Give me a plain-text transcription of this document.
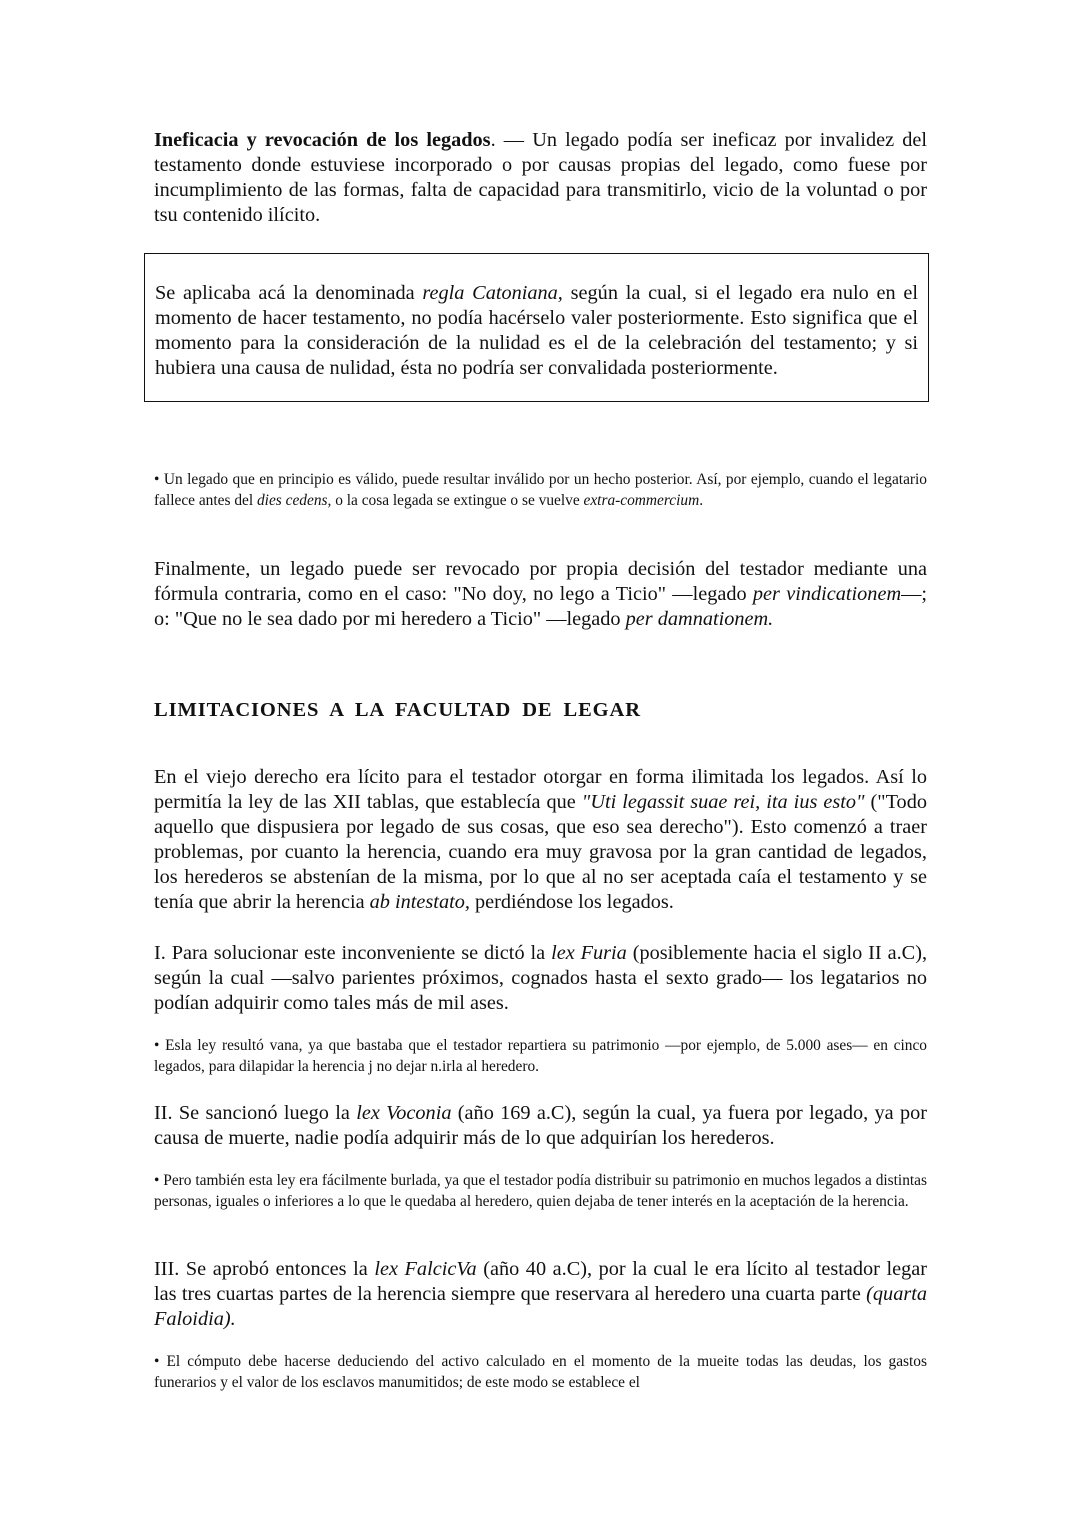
Ineficacia y revocación de los legados. — Un legado podía ser ineficaz por invalidez del testamento donde estuviese incorporado o por causas propias del legado, como fuese por incumplimiento de las formas, falta de capacidad para transmitirlo, vicio de la voluntad o por tsu contenido ilícito.

Se aplicaba acá la denominada regla Catoniana, según la cual, si el legado era nulo en el momento de hacer testamento, no podía hacérselo valer posteriormente. Esto significa que el momento para la consideración de la nulidad es el de la celebración del testamento; y si hubiera una causa de nulidad, ésta no podría ser convalidada posteriormente.

• Un legado que en principio es válido, puede resultar inválido por un hecho posterior. Así, por ejemplo, cuando el legatario fallece antes del dies cedens, o la cosa legada se extingue o se vuelve extra-commercium.

Finalmente, un legado puede ser revocado por propia decisión del testador mediante una fórmula contraria, como en el caso: "No doy, no lego a Ticio" —legado per vindicationem—; o: "Que no le sea dado por mi heredero a Ticio" —legado per damnationem.

LIMITACIONES A LA FACULTAD DE LEGAR

En el viejo derecho era lícito para el testador otorgar en forma ilimitada los legados. Así lo permitía la ley de las XII tablas, que establecía que "Uti legassit suae rei, ita ius esto" ("Todo aquello que dispusiera por legado de sus cosas, que eso sea derecho"). Esto comenzó a traer problemas, por cuanto la herencia, cuando era muy gravosa por la gran cantidad de legados, los herederos se abstenían de la misma, por lo que al no ser aceptada caía el testamento y se tenía que abrir la herencia ab intestato, perdiéndose los legados.

I. Para solucionar este inconveniente se dictó la lex Furia (posiblemente hacia el siglo II a.C), según la cual —salvo parientes próximos, cognados hasta el sexto grado— los legatarios no podían adquirir como tales más de mil ases.

• Esla ley resultó vana, ya que bastaba que el testador repartiera su patrimonio —por ejemplo, de 5.000 ases— en cinco legados, para dilapidar la herencia j no dejar n.irla al heredero.

II. Se sancionó luego la lex Voconia (año 169 a.C), según la cual, ya fuera por legado, ya por causa de muerte, nadie podía adquirir más de lo que adquirían los herederos.

• Pero también esta ley era fácilmente burlada, ya que el testador podía distribuir su patrimonio en muchos legados a distintas personas, iguales o inferiores a lo que le quedaba al heredero, quien dejaba de tener interés en la aceptación de la herencia.

III. Se aprobó entonces la lex FalcicVa (año 40 a.C), por la cual le era lícito al testador legar las tres cuartas partes de la herencia siempre que reservara al heredero una cuarta parte (quarta Faloidia).

• El cómputo debe hacerse deduciendo del activo calculado en el momento de la mueite todas las deudas, los gastos funerarios y el valor de los esclavos manumitidos; de este modo se establece el
